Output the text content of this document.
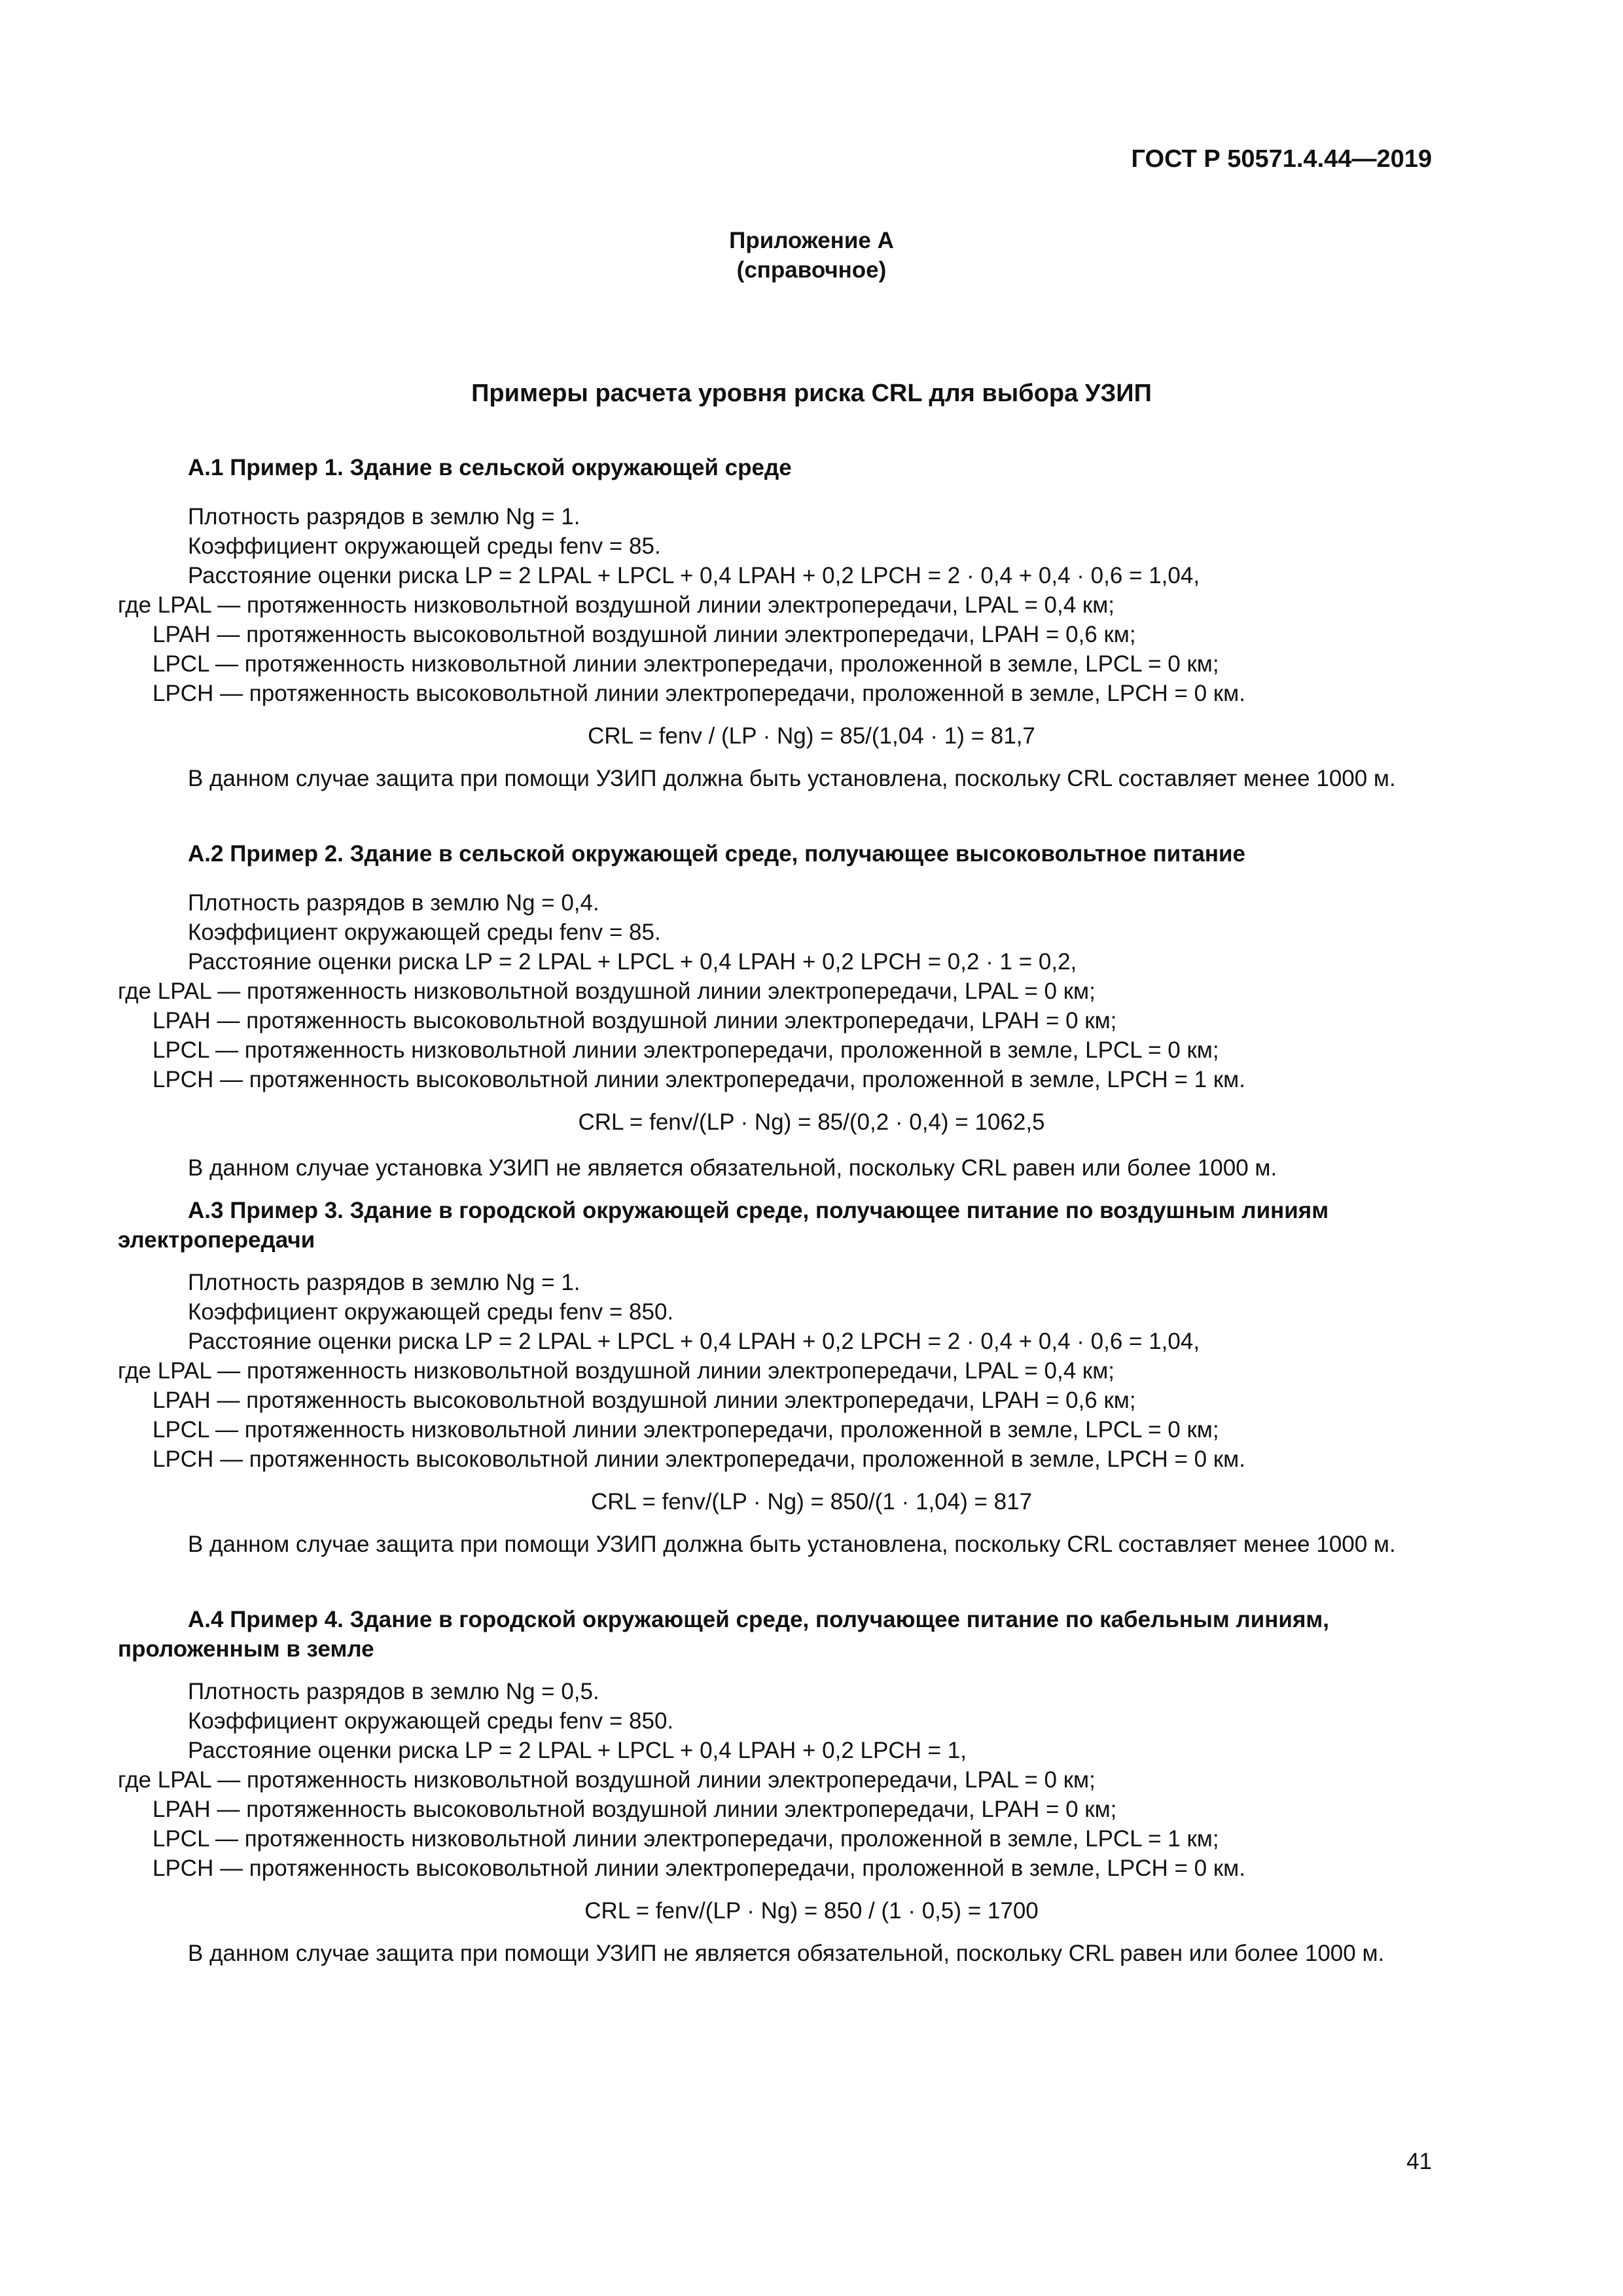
ГОСТ Р 50571.4.44—2019
Приложение А
(справочное)
Примеры расчета уровня риска CRL для выбора УЗИП
А.1 Пример 1. Здание в сельской окружающей среде
Плотность разрядов в землю Ng = 1.
Коэффициент окружающей среды fenv = 85.
Расстояние оценки риска LP = 2 LPAL + LPCL + 0,4 LPAH + 0,2 LPCH = 2 · 0,4 + 0,4 · 0,6 = 1,04,
где LPAL — протяженность низковольтной воздушной линии электропередачи, LPAL = 0,4 км;
LPAH — протяженность высоковольтной воздушной линии электропередачи, LPAH = 0,6 км;
LPCL — протяженность низковольтной линии электропередачи, проложенной в земле, LPCL = 0 км;
LPCH — протяженность высоковольтной линии электропередачи, проложенной в земле, LPCH = 0 км.
CRL = fenv / (LP · Ng) = 85/(1,04 · 1) = 81,7
В данном случае защита при помощи УЗИП должна быть установлена, поскольку CRL составляет менее 1000 м.
А.2 Пример 2. Здание в сельской окружающей среде, получающее высоковольтное питание
Плотность разрядов в землю Ng = 0,4.
Коэффициент окружающей среды fenv = 85.
Расстояние оценки риска LP = 2 LPAL + LPCL + 0,4 LPAH + 0,2 LPCH = 0,2 · 1 = 0,2,
где LPAL — протяженность низковольтной воздушной линии электропередачи, LPAL = 0 км;
LPAH — протяженность высоковольтной воздушной линии электропередачи, LPAH = 0 км;
LPCL — протяженность низковольтной линии электропередачи, проложенной в земле, LPCL = 0 км;
LPCH — протяженность высоковольтной линии электропередачи, проложенной в земле, LPCH = 1 км.
CRL = fenv/(LP · Ng) = 85/(0,2 · 0,4) = 1062,5
В данном случае установка УЗИП не является обязательной, поскольку CRL равен или более 1000 м.
А.3 Пример 3. Здание в городской окружающей среде, получающее питание по воздушным линиям электропередачи
Плотность разрядов в землю Ng = 1.
Коэффициент окружающей среды fenv = 850.
Расстояние оценки риска LP = 2 LPAL + LPCL + 0,4 LPAH + 0,2 LPCH = 2 · 0,4 + 0,4 · 0,6 = 1,04,
где LPAL — протяженность низковольтной воздушной линии электропередачи, LPAL = 0,4 км;
LPAH — протяженность высоковольтной воздушной линии электропередачи, LPAH = 0,6 км;
LPCL — протяженность низковольтной линии электропередачи, проложенной в земле, LPCL = 0 км;
LPCH — протяженность высоковольтной линии электропередачи, проложенной в земле, LPCH = 0 км.
CRL = fenv/(LP · Ng) = 850/(1 · 1,04) = 817
В данном случае защита при помощи УЗИП должна быть установлена, поскольку CRL составляет менее 1000 м.
А.4 Пример 4. Здание в городской окружающей среде, получающее питание по кабельным линиям, проложенным в земле
Плотность разрядов в землю Ng = 0,5.
Коэффициент окружающей среды fenv = 850.
Расстояние оценки риска LP = 2 LPAL + LPCL + 0,4 LPAH + 0,2 LPCH = 1,
где LPAL — протяженность низковольтной воздушной линии электропередачи, LPAL = 0 км;
LPAH — протяженность высоковольтной воздушной линии электропередачи, LPAH = 0 км;
LPCL — протяженность низковольтной линии электропередачи, проложенной в земле, LPCL = 1 км;
LPCH — протяженность высоковольтной линии электропередачи, проложенной в земле, LPCH = 0 км.
CRL = fenv/(LP · Ng) = 850 / (1 · 0,5) = 1700
В данном случае защита при помощи УЗИП не является обязательной, поскольку CRL равен или более 1000 м.
41
